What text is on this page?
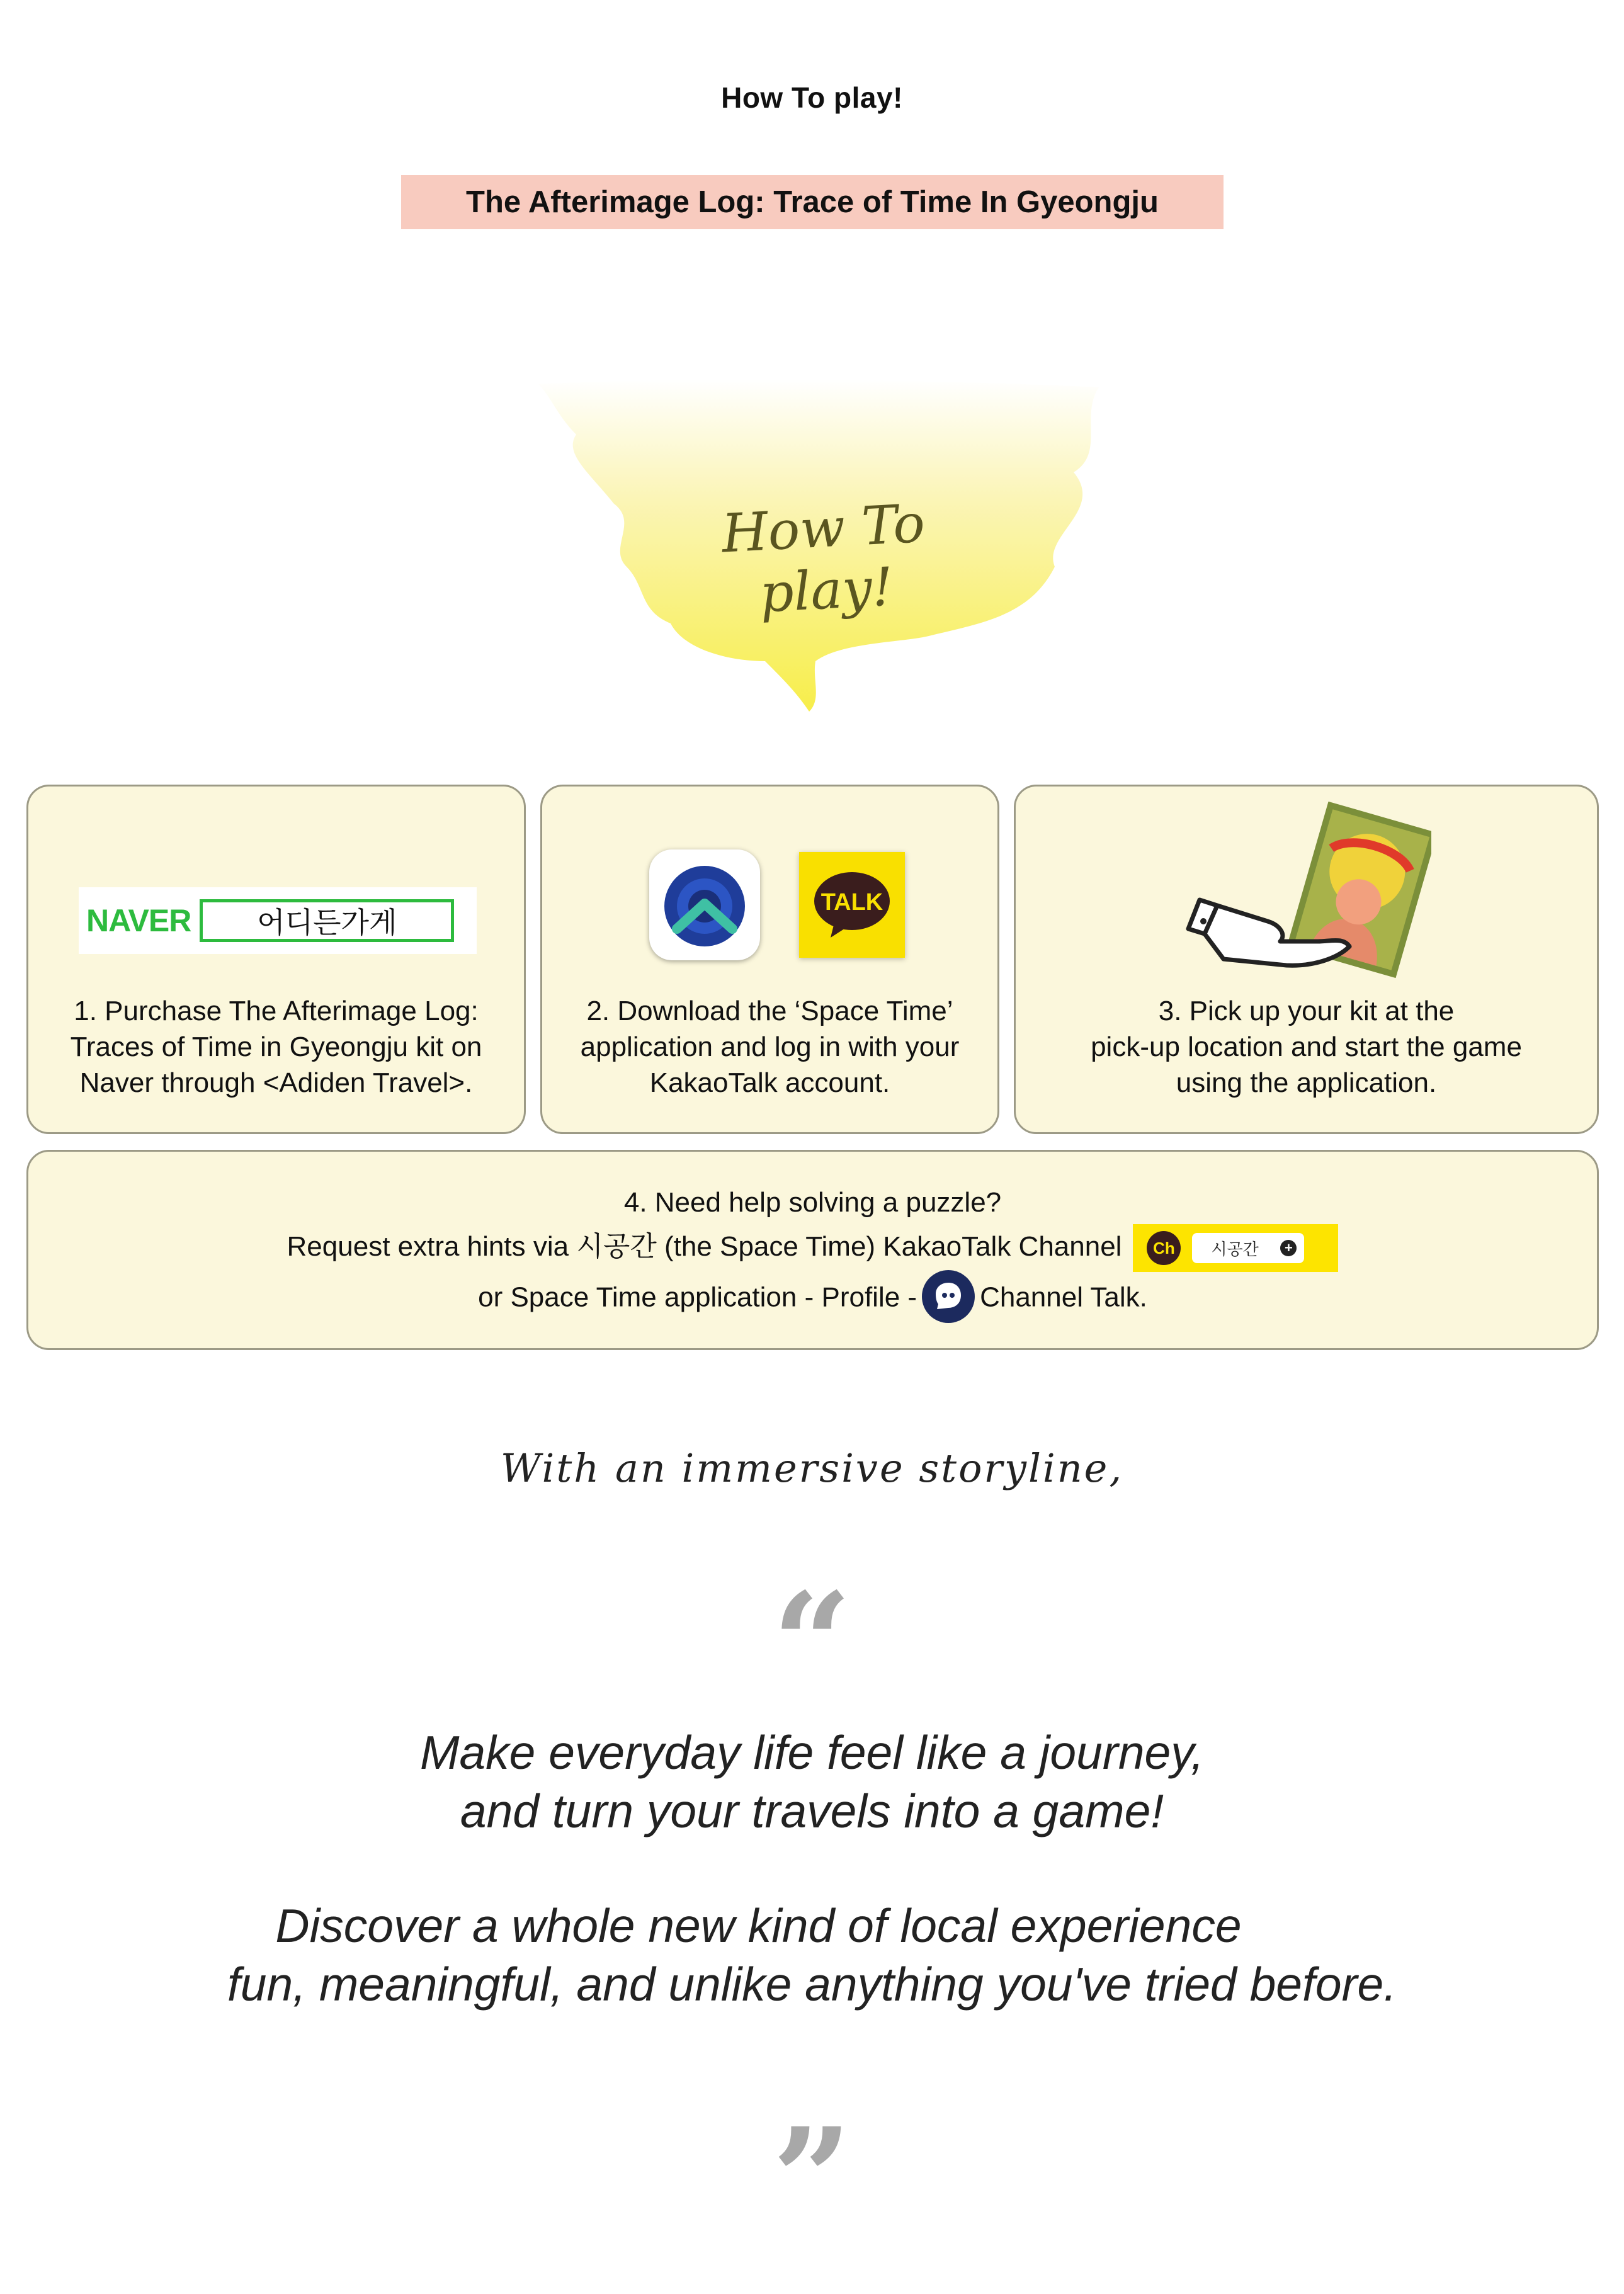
How To play!
The Afterimage Log: Trace of Time In Gyeongju
How To play!
NAVER	어디든가게
1. Purchase The Afterimage Log:
Traces of Time in Gyeongju kit on
Naver through <Adiden Travel>.
TALK
2. Download the ‘Space Time’
application and log in with your
KakaoTalk account.
3. Pick up your kit at the
pick-up location and start the game
using the application.
4. Need help solving a puzzle?
Request extra hints via 시공간 (the Space Time) KakaoTalk Channel	Ch	시공간 +
or Space Time application - Profile - Channel Talk.
With an immersive storyline,
“
Make everyday life feel like a journey,
and turn your travels into a game!
Discover a whole new kind of local experience
fun, meaningful, and unlike anything you've tried before.
”
